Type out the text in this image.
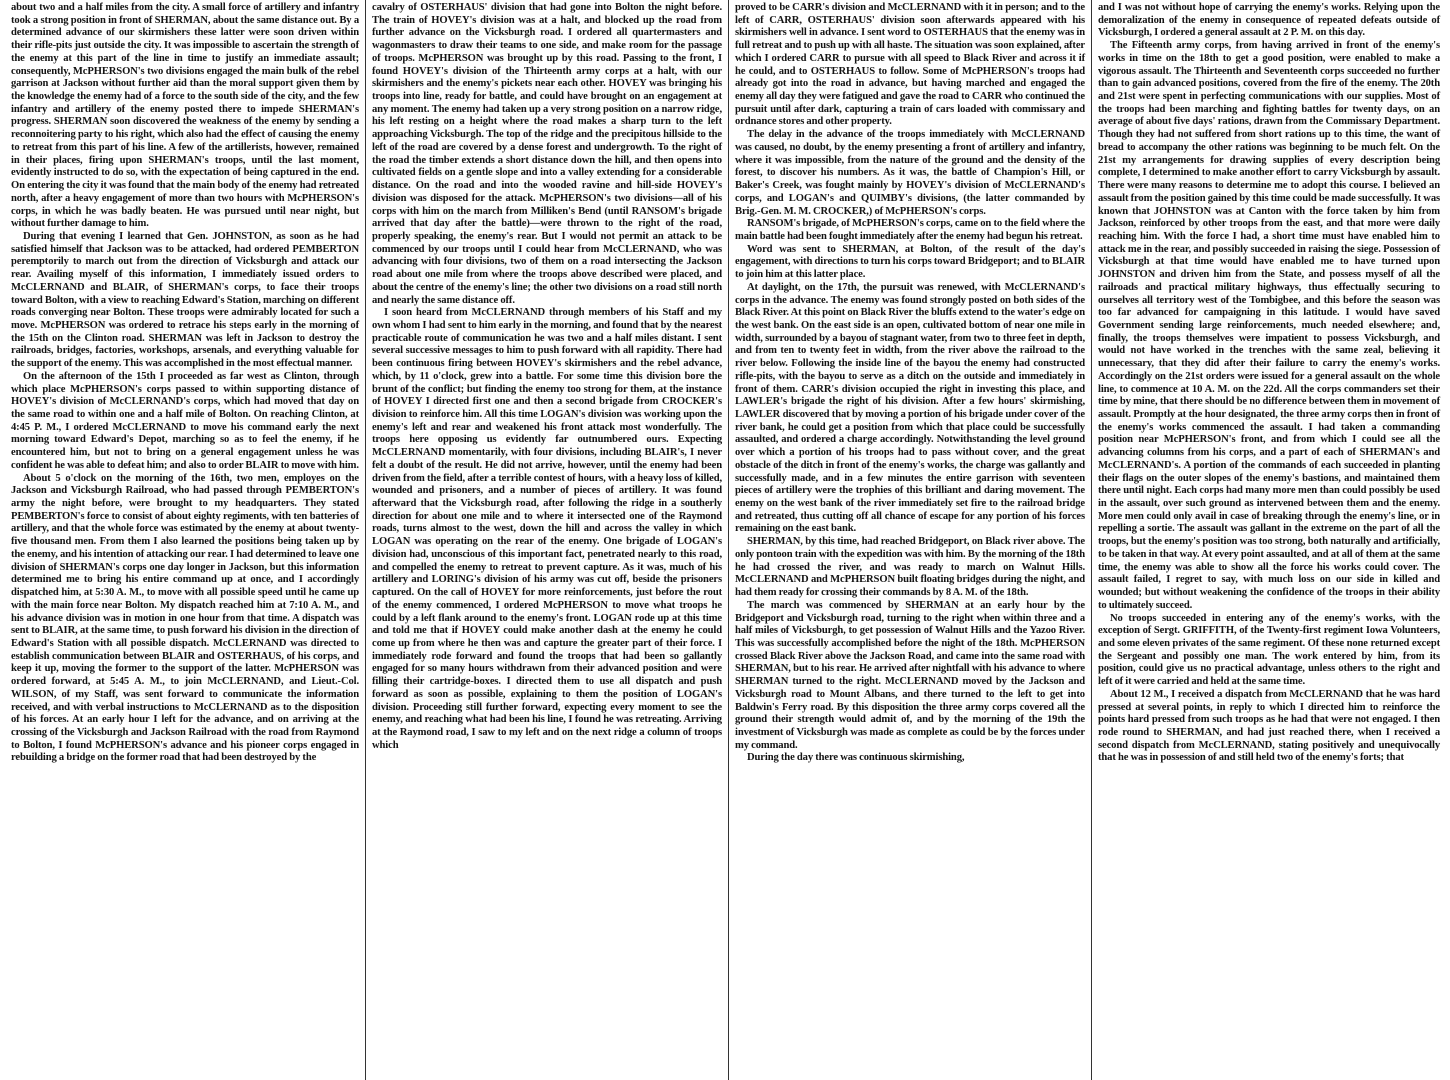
about two and a half miles from the city. A small force of artillery and infantry took a strong position in front of SHERMAN, about the same distance out. By a determined advance of our skirmishers these latter were soon driven within their rifle-pits just outside the city. It was impossible to ascertain the strength of the enemy at this part of the line in time to justify an immediate assault; consequently, McPHERSON's two divisions engaged the main bulk of the rebel garrison at Jackson without further aid than the moral support given them by the knowledge the enemy had of a force to the south side of the city, and the few infantry and artillery of the enemy posted there to impede SHERMAN's progress. SHERMAN soon discovered the weakness of the enemy by sending a reconnoitering party to his right, which also had the effect of causing the enemy to retreat from this part of his line. A few of the artillerists, however, remained in their places, firing upon SHERMAN's troops, until the last moment, evidently instructed to do so, with the expectation of being captured in the end. On entering the city it was found that the main body of the enemy had retreated north, after a heavy engagement of more than two hours with McPHERSON's corps, in which he was badly beaten. He was pursued until near night, but without further damage to him.

During that evening I learned that Gen. JOHNSTON, as soon as he had satisfied himself that Jackson was to be attacked, had ordered PEMBERTON peremptorily to march out from the direction of Vicksburgh and attack our rear. Availing myself of this information, I immediately issued orders to McCLERNAND and BLAIR, of SHERMAN's corps, to face their troops toward Bolton, with a view to reaching Edward's Station, marching on different roads converging near Bolton. These troops were admirably located for such a move. McPHERSON was ordered to retrace his steps early in the morning of the 15th on the Clinton road. SHERMAN was left in Jackson to destroy the railroads, bridges, factories, workshops, arsenals, and everything valuable for the support of the enemy. This was accomplished in the most effectual manner.

On the afternoon of the 15th I proceeded as far west as Clinton, through which place McPHERSON's corps passed to within supporting distance of HOVEY's division of McCLERNAND's corps, which had moved that day on the same road to within one and a half mile of Bolton. On reaching Clinton, at 4:45 P. M., I ordered McCLERNAND to move his command early the next morning toward Edward's Depot, marching so as to feel the enemy, if he encountered him, but not to bring on a general engagement unless he was confident he was able to defeat him; and also to order BLAIR to move with him.

About 5 o'clock on the morning of the 16th, two men, employes on the Jackson and Vicksburgh Railroad, who had passed through PEMBERTON's army the night before, were brought to my headquarters. They stated PEMBERTON's force to consist of about eighty regiments, with ten batteries of artillery, and that the whole force was estimated by the enemy at about twenty-five thousand men. From them I also learned the positions being taken up by the enemy, and his intention of attacking our rear. I had determined to leave one division of SHERMAN's corps one day longer in Jackson, but this information determined me to bring his entire command up at once, and I accordingly dispatched him, at 5:30 A. M., to move with all possible speed until he came up with the main force near Bolton. My dispatch reached him at 7:10 A. M., and his advance division was in motion in one hour from that time. A dispatch was sent to BLAIR, at the same time, to push forward his division in the direction of Edward's Station with all possible dispatch. McCLERNAND was directed to establish communication between BLAIR and OSTERHAUS, of his corps, and keep it up, moving the former to the support of the latter. McPHERSON was ordered forward, at 5:45 A. M., to join McCLERNAND, and Lieut.-Col. WILSON, of my Staff, was sent forward to communicate the information received, and with verbal instructions to McCLERNAND as to the disposition of his forces. At an early hour I left for the advance, and on arriving at the crossing of the Vicksburgh and Jackson Railroad with the road from Raymond to Bolton, I found McPHERSON's advance and his pioneer corps engaged in rebuilding a bridge on the former road that had been destroyed by the

cavalry of OSTERHAUS' division that had gone into Bolton the night before. The train of HOVEY's division was at a halt, and blocked up the road from further advance on the Vicksburgh road. I ordered all quartermasters and wagonmasters to draw their teams to one side, and make room for the passage of troops. McPHERSON was brought up by this road. Passing to the front, I found HOVEY's division of the Thirteenth army corps at a halt, with our skirmishers and the enemy's pickets near each other. HOVEY was bringing his troops into line, ready for battle, and could have brought on an engagement at any moment. The enemy had taken up a very strong position on a narrow ridge, his left resting on a height where the road makes a sharp turn to the left approaching Vicksburgh. The top of the ridge and the precipitous hillside to the left of the road are covered by a dense forest and undergrowth. To the right of the road the timber extends a short distance down the hill, and then opens into cultivated fields on a gentle slope and into a valley extending for a considerable distance. On the road and into the wooded ravine and hill-side HOVEY's division was disposed for the attack. McPHERSON's two divisions—all of his corps with him on the march from Milliken's Bend (until RANSOM's brigade arrived that day after the battle)—were thrown to the right of the road, properly speaking, the enemy's rear. But I would not permit an attack to be commenced by our troops until I could hear from McCLERNAND, who was advancing with four divisions, two of them on a road intersecting the Jackson road about one mile from where the troops above described were placed, and about the centre of the enemy's line; the other two divisions on a road still north and nearly the same distance off.

I soon heard from McCLERNAND through members of his Staff and my own whom I had sent to him early in the morning, and found that by the nearest practicable route of communication he was two and a half miles distant. I sent several successive messages to him to push forward with all rapidity. There had been continuous firing between HOVEY's skirmishers and the rebel advance, which, by 11 o'clock, grew into a battle. For some time this division bore the brunt of the conflict; but finding the enemy too strong for them, at the instance of HOVEY I directed first one and then a second brigade from CROCKER's division to reinforce him. All this time LOGAN's division was working upon the enemy's left and rear and weakened his front attack most wonderfully. The troops here opposing us evidently far outnumbered ours. Expecting McCLERNAND momentarily, with four divisions, including BLAIR's, I never felt a doubt of the result. He did not arrive, however, until the enemy had been driven from the field, after a terrible contest of hours, with a heavy loss of killed, wounded and prisoners, and a number of pieces of artillery. It was found afterward that the Vicksburgh road, after following the ridge in a southerly direction for about one mile and to where it intersected one of the Raymond roads, turns almost to the west, down the hill and across the valley in which LOGAN was operating on the rear of the enemy. One brigade of LOGAN's division had, unconscious of this important fact, penetrated nearly to this road, and compelled the enemy to retreat to prevent capture. As it was, much of his artillery and LORING's division of his army was cut off, beside the prisoners captured. On the call of HOVEY for more reinforcements, just before the rout of the enemy commenced, I ordered McPHERSON to move what troops he could by a left flank around to the enemy's front. LOGAN rode up at this time and told me that if HOVEY could make another dash at the enemy he could come up from where he then was and capture the greater part of their force. I immediately rode forward and found the troops that had been so gallantly engaged for so many hours withdrawn from their advanced position and were filling their cartridge-boxes. I directed them to use all dispatch and push forward as soon as possible, explaining to them the position of LOGAN's division. Proceeding still further forward, expecting every moment to see the enemy, and reaching what had been his line, I found he was retreating. Arriving at the Raymond road, I saw to my left and on the next ridge a column of troops which

proved to be CARR's division and McCLERNAND with it in person; and to the left of CARR, OSTERHAUS' division soon afterwards appeared with his skirmishers well in advance. I sent word to OSTERHAUS that the enemy was in full retreat and to push up with all haste. The situation was soon explained, after which I ordered CARR to pursue with all speed to Black River and across it if he could, and to OSTERHAUS to follow. Some of McPHERSON's troops had already got into the road in advance, but having marched and engaged the enemy all day they were fatigued and gave the road to CARR who continued the pursuit until after dark, capturing a train of cars loaded with commissary and ordnance stores and other property.

The delay in the advance of the troops immediately with McCLERNAND was caused, no doubt, by the enemy presenting a front of artillery and infantry, where it was impossible, from the nature of the ground and the density of the forest, to discover his numbers. As it was, the battle of Champion's Hill, or Baker's Creek, was fought mainly by HOVEY's division of McCLERNAND's corps, and LOGAN's and QUIMBY's divisions, (the latter commanded by Brig.-Gen. M. M. CROCKER,) of McPHERSON's corps.

RANSOM's brigade, of McPHERSON's corps, came on to the field where the main battle had been fought immediately after the enemy had begun his retreat.

Word was sent to SHERMAN, at Bolton, of the result of the day's engagement, with directions to turn his corps toward Bridgeport; and to BLAIR to join him at this latter place.

At daylight, on the 17th, the pursuit was renewed, with McCLERNAND's corps in the advance. The enemy was found strongly posted on both sides of the Black River. At this point on Black River the bluffs extend to the water's edge on the west bank. On the east side is an open, cultivated bottom of near one mile in width, surrounded by a bayou of stagnant water, from two to three feet in depth, and from ten to twenty feet in width, from the river above the railroad to the river below. Following the inside line of the bayou the enemy had constructed rifle-pits, with the bayou to serve as a ditch on the outside and immediately in front of them. CARR's division occupied the right in investing this place, and LAWLER's brigade the right of his division. After a few hours' skirmishing, LAWLER discovered that by moving a portion of his brigade under cover of the river bank, he could get a position from which that place could be successfully assaulted, and ordered a charge accordingly. Notwithstanding the level ground over which a portion of his troops had to pass without cover, and the great obstacle of the ditch in front of the enemy's works, the charge was gallantly and successfully made, and in a few minutes the entire garrison with seventeen pieces of artillery were the trophies of this brilliant and daring movement. The enemy on the west bank of the river immediately set fire to the railroad bridge and retreated, thus cutting off all chance of escape for any portion of his forces remaining on the east bank.

SHERMAN, by this time, had reached Bridgeport, on Black river above. The only pontoon train with the expedition was with him. By the morning of the 18th he had crossed the river, and was ready to march on Walnut Hills. McCLERNAND and McPHERSON built floating bridges during the night, and had them ready for crossing their commands by 8 A. M. of the 18th.

The march was commenced by SHERMAN at an early hour by the Bridgeport and Vicksburgh road, turning to the right when within three and a half miles of Vicksburgh, to get possession of Walnut Hills and the Yazoo River. This was successfully accomplished before the night of the 18th. McPHERSON crossed Black River above the Jackson Road, and came into the same road with SHERMAN, but to his rear. He arrived after nightfall with his advance to where SHERMAN turned to the right. McCLERNAND moved by the Jackson and Vicksburgh road to Mount Albans, and there turned to the left to get into Baldwin's Ferry road. By this disposition the three army corps covered all the ground their strength would admit of, and by the morning of the 19th the investment of Vicksburgh was made as complete as could be by the forces under my command.

During the day there was continuous skirmishing,

and I was not without hope of carrying the enemy's works. Relying upon the demoralization of the enemy in consequence of repeated defeats outside of Vicksburgh, I ordered a general assault at 2 P. M. on this day.

The Fifteenth army corps, from having arrived in front of the enemy's works in time on the 18th to get a good position, were enabled to make a vigorous assault. The Thirteenth and Seventeenth corps succeeded no further than to gain advanced positions, covered from the fire of the enemy. The 20th and 21st were spent in perfecting communications with our supplies. Most of the troops had been marching and fighting battles for twenty days, on an average of about five days' rations, drawn from the Commissary Department. Though they had not suffered from short rations up to this time, the want of bread to accompany the other rations was beginning to be much felt. On the 21st my arrangements for drawing supplies of every description being complete, I determined to make another effort to carry Vicksburgh by assault. There were many reasons to determine me to adopt this course. I believed an assault from the position gained by this time could be made successfully. It was known that JOHNSTON was at Canton with the force taken by him from Jackson, reinforced by other troops from the east, and that more were daily reaching him. With the force I had, a short time must have enabled him to attack me in the rear, and possibly succeeded in raising the siege. Possession of Vicksburgh at that time would have enabled me to have turned upon JOHNSTON and driven him from the State, and possess myself of all the railroads and practical military highways, thus effectually securing to ourselves all territory west of the Tombigbee, and this before the season was too far advanced for campaigning in this latitude. I would have saved Government sending large reinforcements, much needed elsewhere; and, finally, the troops themselves were impatient to possess Vicksburgh, and would not have worked in the trenches with the same zeal, believing it unnecessary, that they did after their failure to carry the enemy's works. Accordingly on the 21st orders were issued for a general assault on the whole line, to commence at 10 A. M. on the 22d. All the corps commanders set their time by mine, that there should be no difference between them in movement of assault. Promptly at the hour designated, the three army corps then in front of the enemy's works commenced the assault. I had taken a commanding position near McPHERSON's front, and from which I could see all the advancing columns from his corps, and a part of each of SHERMAN's and McCLERNAND's. A portion of the commands of each succeeded in planting their flags on the outer slopes of the enemy's bastions, and maintained them there until night. Each corps had many more men than could possibly be used in the assault, over such ground as intervened between them and the enemy. More men could only avail in case of breaking through the enemy's line, or in repelling a sortie. The assault was gallant in the extreme on the part of all the troops, but the enemy's position was too strong, both naturally and artificially, to be taken in that way. At every point assaulted, and at all of them at the same time, the enemy was able to show all the force his works could cover. The assault failed, I regret to say, with much loss on our side in killed and wounded; but without weakening the confidence of the troops in their ability to ultimately succeed.

No troops succeeded in entering any of the enemy's works, with the exception of Sergt. GRIFFITH, of the Twenty-first regiment Iowa Volunteers, and some eleven privates of the same regiment. Of these none returned except the Sergeant and possibly one man. The work entered by him, from its position, could give us no practical advantage, unless others to the right and left of it were carried and held at the same time.

About 12 M., I received a dispatch from McCLERNAND that he was hard pressed at several points, in reply to which I directed him to reinforce the points hard pressed from such troops as he had that were not engaged. I then rode round to SHERMAN, and had just reached there, when I received a second dispatch from McCLERNAND, stating positively and unequivocally that he was in possession of and still held two of the enemy's forts; that
